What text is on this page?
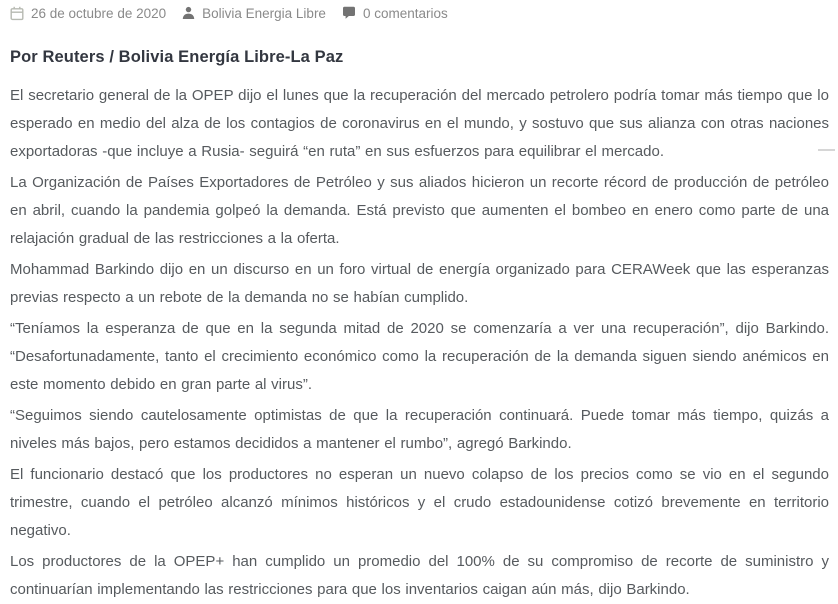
26 de octubre de 2020	Bolivia Energia Libre	0 comentarios
Por Reuters / Bolivia Energía Libre-La Paz

El secretario general de la OPEP dijo el lunes que la recuperación del mercado petrolero podría tomar más tiempo que lo esperado en medio del alza de los contagios de coronavirus en el mundo, y sostuvo que sus alianza con otras naciones exportadoras -que incluye a Rusia- seguirá “en ruta” en sus esfuerzos para equilibrar el mercado.

La Organización de Países Exportadores de Petróleo y sus aliados hicieron un recorte récord de producción de petróleo en abril, cuando la pandemia golpeó la demanda. Está previsto que aumenten el bombeo en enero como parte de una relajación gradual de las restricciones a la oferta.

Mohammad Barkindo dijo en un discurso en un foro virtual de energía organizado para CERAWeek que las esperanzas previas respecto a un rebote de la demanda no se habían cumplido.

“Teníamos la esperanza de que en la segunda mitad de 2020 se comenzaría a ver una recuperación”, dijo Barkindo. “Desafortunadamente, tanto el crecimiento económico como la recuperación de la demanda siguen siendo anémicos en este momento debido en gran parte al virus”.

“Seguimos siendo cautelosamente optimistas de que la recuperación continuará. Puede tomar más tiempo, quizás a niveles más bajos, pero estamos decididos a mantener el rumbo”, agregó Barkindo.

El funcionario destacó que los productores no esperan un nuevo colapso de los precios como se vio en el segundo trimestre, cuando el petróleo alcanzó mínimos históricos y el crudo estadounidense cotizó brevemente en territorio negativo.

Los productores de la OPEP+ han cumplido un promedio del 100% de su compromiso de recorte de suministro y continuarían implementando las restricciones para que los inventarios caigan aún más, dijo Barkindo.
